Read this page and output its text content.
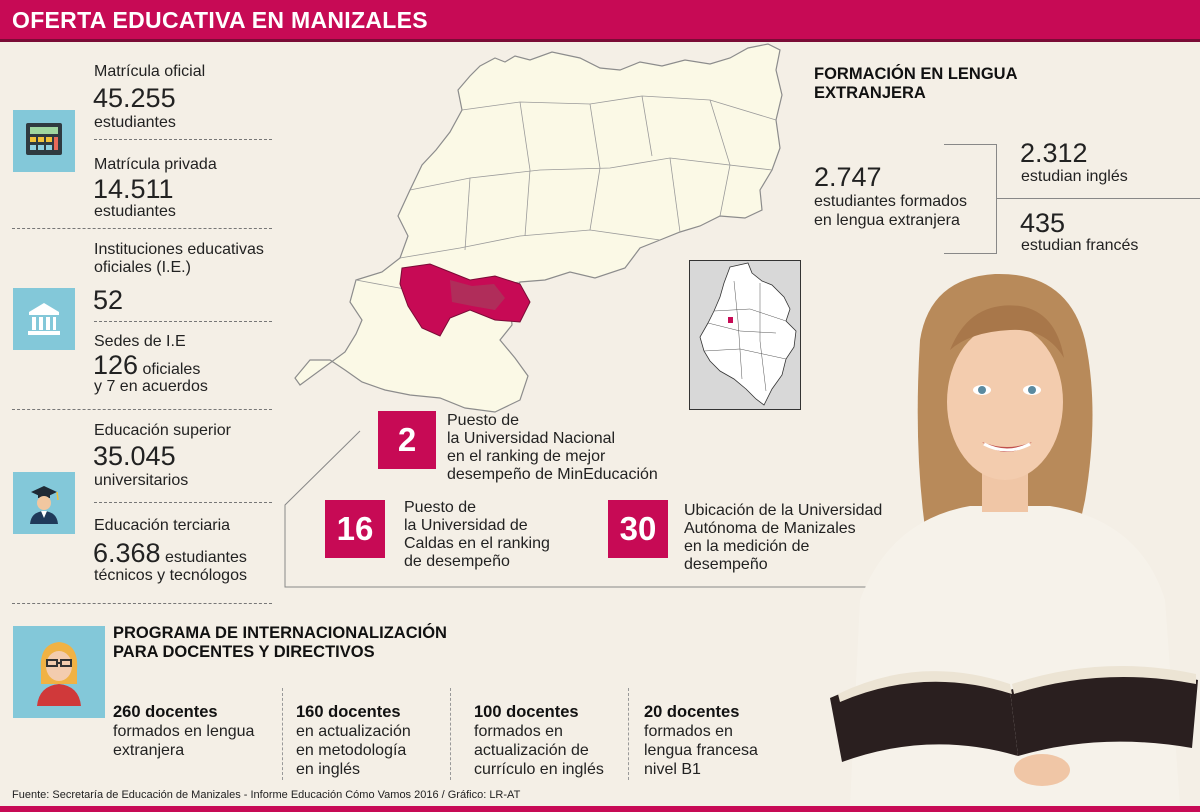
OFERTA EDUCATIVA EN MANIZALES
Matrícula oficial
45.255
estudiantes
Matrícula privada
14.511
estudiantes
Instituciones educativas oficiales (I.E.)
52
Sedes de I.E
126 oficiales
y 7 en acuerdos
Educación superior
35.045
universitarios
Educación terciaria
6.368 estudiantes
técnicos y tecnólogos
FORMACIÓN EN LENGUA
EXTRANJERA
2.747
estudiantes formados
en lengua extranjera
2.312
estudian inglés
435
estudian francés
2
Puesto de
la Universidad Nacional
en el ranking de mejor
desempeño de MinEducación
16
Puesto de
la Universidad de
Caldas en el ranking
de desempeño
30	Ubicación de la Universidad
Autónoma de Manizales
en la medición de
desempeño
PROGRAMA DE INTERNACIONALIZACIÓN
PARA DOCENTES Y DIRECTIVOS
260 docentes
formados en lengua
extranjera
160 docentes
en actualización
en metodología
en inglés
100 docentes
formados en
actualización de
currículo en inglés
20 docentes
formados en
lengua francesa
nivel B1
Fuente: Secretaría de Educación de Manizales - Informe Educación Cómo Vamos 2016 / Gráfico: LR-AT
